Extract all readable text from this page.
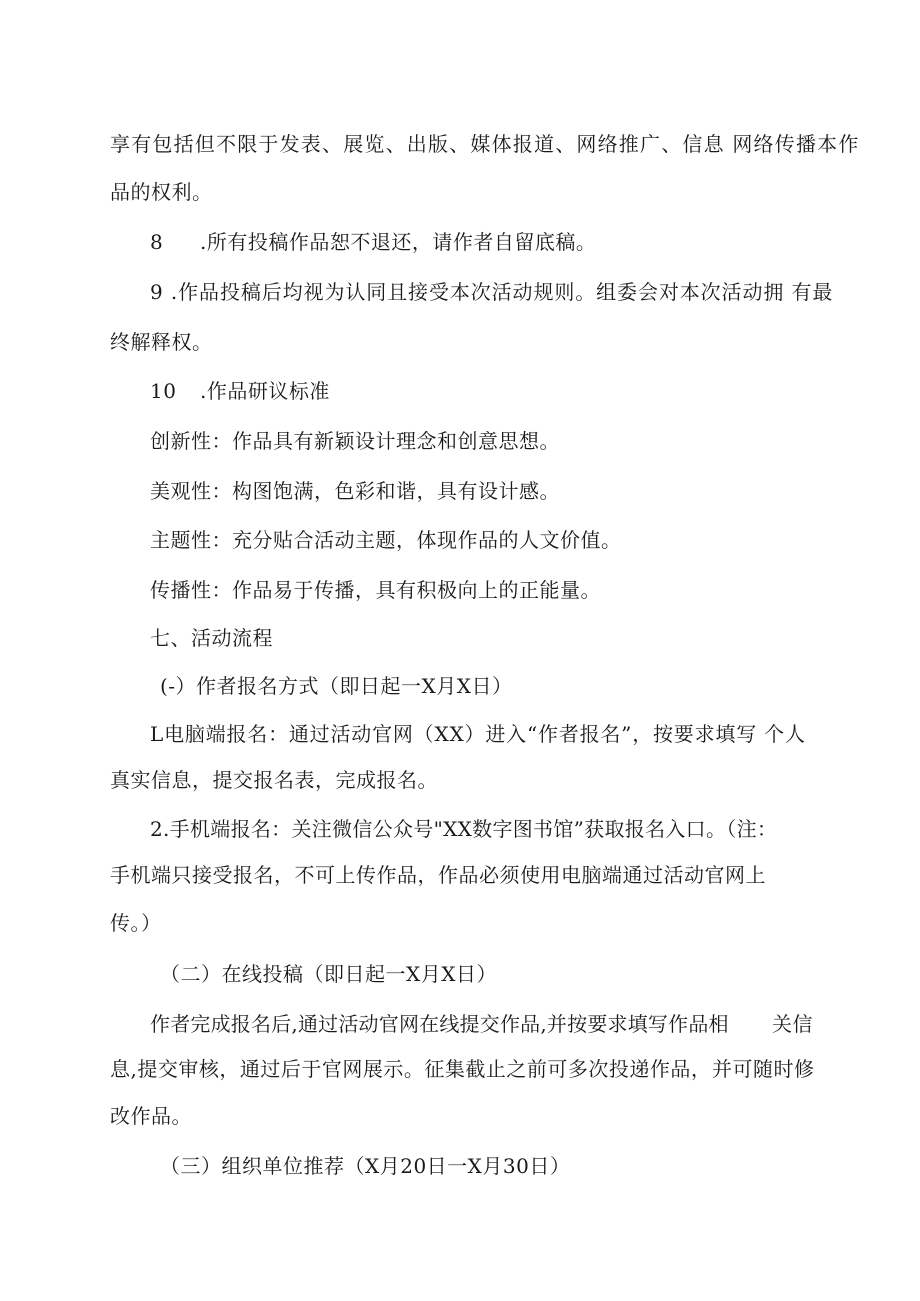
享有包括但不限于发表、展览、出版、媒体报道、网络推广、信息 网络传播本作

品的权利。

8 .所有投稿作品恕不退还，请作者自留底稿。

9 .作品投稿后均视为认同且接受本次活动规则。组委会对本次活动拥 有最

终解释权。

10 .作品研议标准

创新性：作品具有新颖设计理念和创意思想。

美观性：构图饱满，色彩和谐，具有设计感。

主题性：充分贴合活动主题，体现作品的人文价值。

传播性：作品易于传播，具有积极向上的正能量。

七、活动流程

(-）作者报名方式（即日起一X月X日）

L电脑端报名：通过活动官网（XX）进入“作者报名”，按要求填写 个人

真实信息，提交报名表，完成报名。

2.手机端报名：关注微信公众号"XX数字图书馆”获取报名入口。（注：

手机端只接受报名，不可上传作品，作品必须使用电脑端通过活动官网上

传。）

（二）在线投稿（即日起一X月X日）

作者完成报名后,通过活动官网在线提交作品,并按要求填写作品相 关信

息,提交审核，通过后于官网展示。征集截止之前可多次投递作品， 并可随时修

改作品。

（三）组织单位推荐（X月20日一X月30日）
